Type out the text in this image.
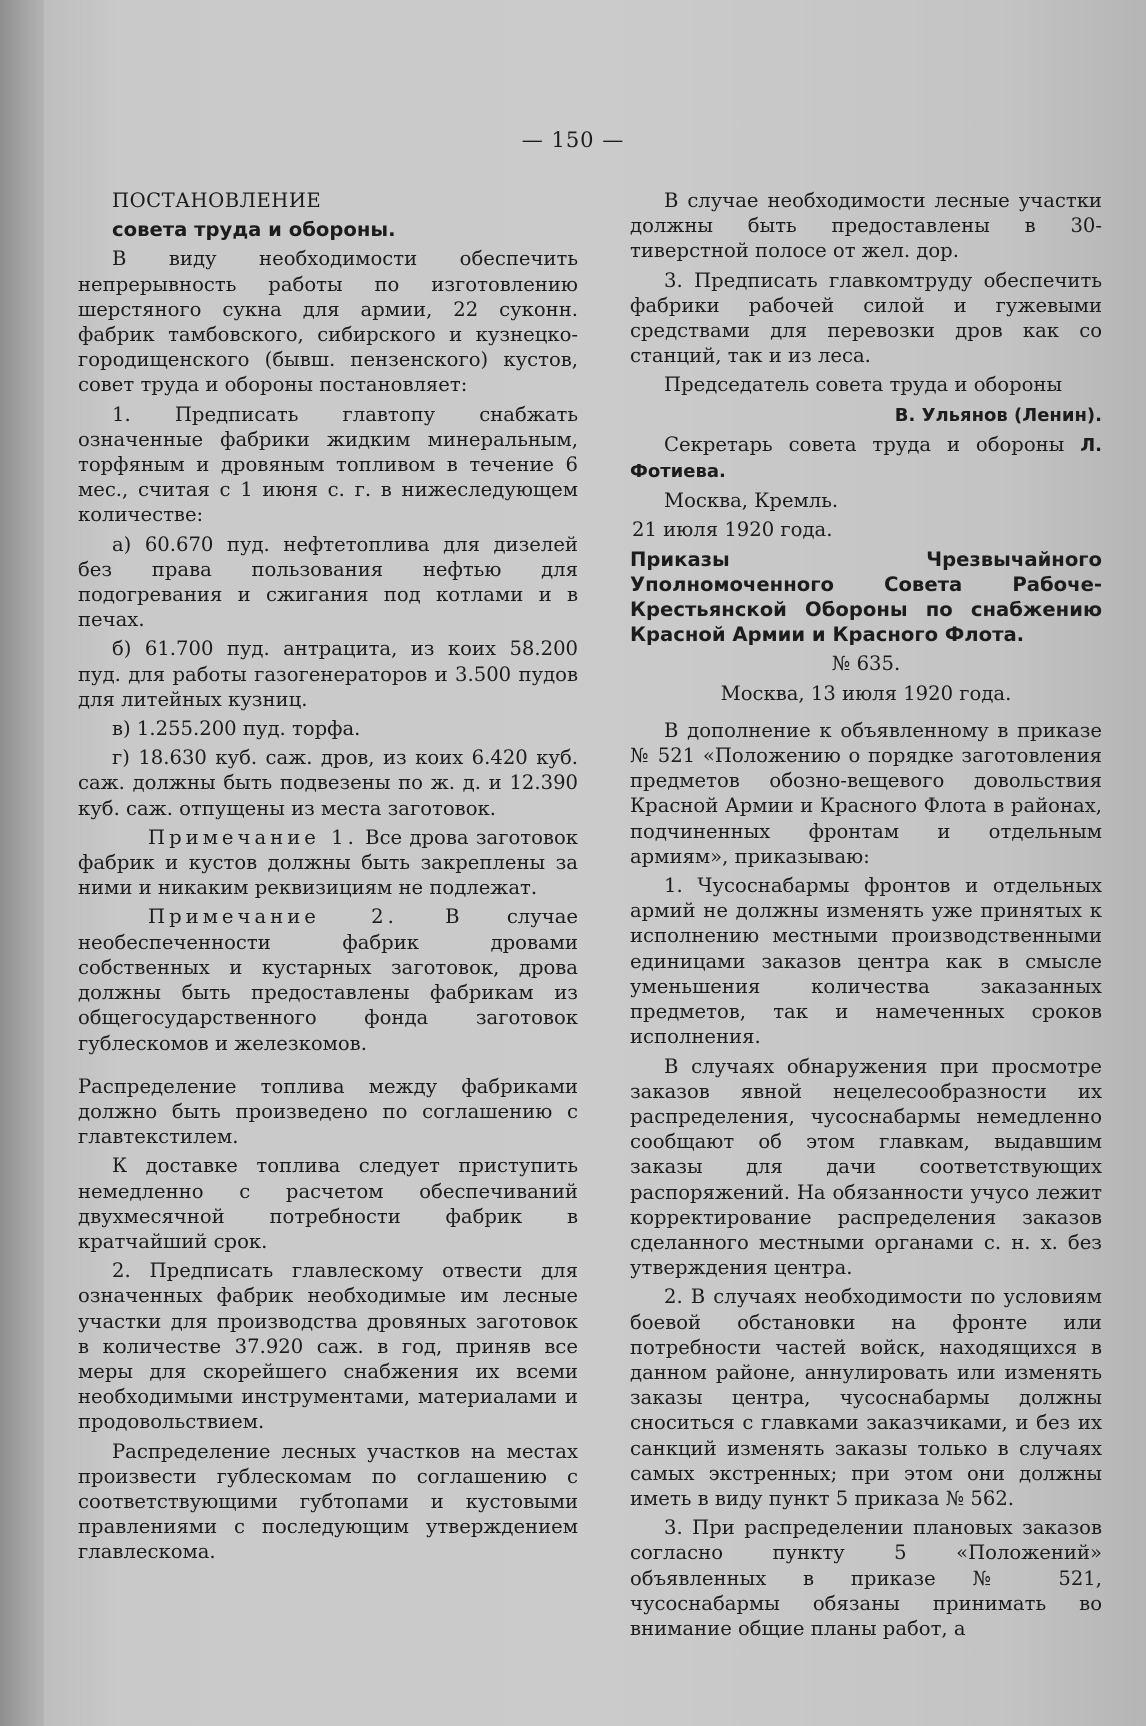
— 150 —

ПОСТАНОВЛЕНИЕ

совета труда и обороны.

В виду необходимости обеспечить непрерывность работы по изготовлению шерстяного сукна для армии, 22 суконн. фабрик тамбовского, сибирского и кузнецко-городищенского (бывш. пензенского) кустов, совет труда и обороны постановляет:

1. Предписать главтопу снабжать означенные фабрики жидким минеральным, торфяным и дровяным топливом в течение 6 мес., считая с 1 июня с. г. в нижеследующем количестве:

а) 60.670 пуд. нефтетоплива для дизелей без права пользования нефтью для подогревания и сжигания под котлами и в печах.

б) 61.700 пуд. антрацита, из коих 58.200 пуд. для работы газогенераторов и 3.500 пудов для литейных кузниц.

в) 1.255.200 пуд. торфа.

г) 18.630 куб. саж. дров, из коих 6.420 куб. саж. должны быть подвезены по ж. д. и 12.390 куб. саж. отпущены из места заготовок.

Примечание 1. Все дрова заготовок фабрик и кустов должны быть закреплены за ними и никаким реквизициям не подлежат.

Примечание 2. В случае необеспеченности фабрик дровами собственных и кустарных заготовок, дрова должны быть предоставлены фабрикам из общегосударственного фонда заготовок гублескомов и железкомов.

Распределение топлива между фабриками должно быть произведено по соглашению с главтекстилем.

К доставке топлива следует приступить немедленно с расчетом обеспечиваний двухмесячной потребности фабрик в кратчайший срок.

2. Предписать главлескому отвести для означенных фабрик необходимые им лесные участки для производства дровяных заготовок в количестве 37.920 саж. в год, приняв все меры для скорейшего снабжения их всеми необходимыми инструментами, материалами и продовольствием.

Распределение лесных участков на местах произвести гублескомам по соглашению с соответствующими губтопами и кустовыми правлениями с последующим утверждением главлескома.

В случае необходимости лесные участки должны быть предоставлены в 30-тиверстной полосе от жел. дор.

3. Предписать главкомтруду обеспечить фабрики рабочей силой и гужевыми средствами для перевозки дров как со станций, так и из леса.

Председатель совета труда и обороны

В. Ульянов (Ленин).

Секретарь совета труда и обороны Л. Фотиева.

Москва, Кремль.

21 июля 1920 года.

Приказы Чрезвычайного Уполномоченного Совета Рабоче-Крестьянской Обороны по снабжению Красной Армии и Красного Флота.

№ 635.

Москва, 13 июля 1920 года.

В дополнение к объявленному в приказе № 521 «Положению о порядке заготовления предметов обозно-вещевого довольствия Красной Армии и Красного Флота в районах, подчиненных фронтам и отдельным армиям», приказываю:

1. Чусоснабармы фронтов и отдельных армий не должны изменять уже принятых к исполнению местными производственными единицами заказов центра как в смысле уменьшения количества заказанных предметов, так и намеченных сроков исполнения.

В случаях обнаружения при просмотре заказов явной нецелесообразности их распределения, чусоснабармы немедленно сообщают об этом главкам, выдавшим заказы для дачи соответствующих распоряжений. На обязанности учусо лежит корректирование распределения заказов сделанного местными органами с. н. х. без утверждения центра.

2. В случаях необходимости по условиям боевой обстановки на фронте или потребности частей войск, находящихся в данном районе, аннулировать или изменять заказы центра, чусоснабармы должны сноситься с главками заказчиками, и без их санкций изменять заказы только в случаях самых экстренных; при этом они должны иметь в виду пункт 5 приказа № 562.

3. При распределении плановых заказов согласно пункту 5 «Положений» объявленных в приказе № 521, чусоснабармы обязаны принимать во внимание общие планы работ, а
